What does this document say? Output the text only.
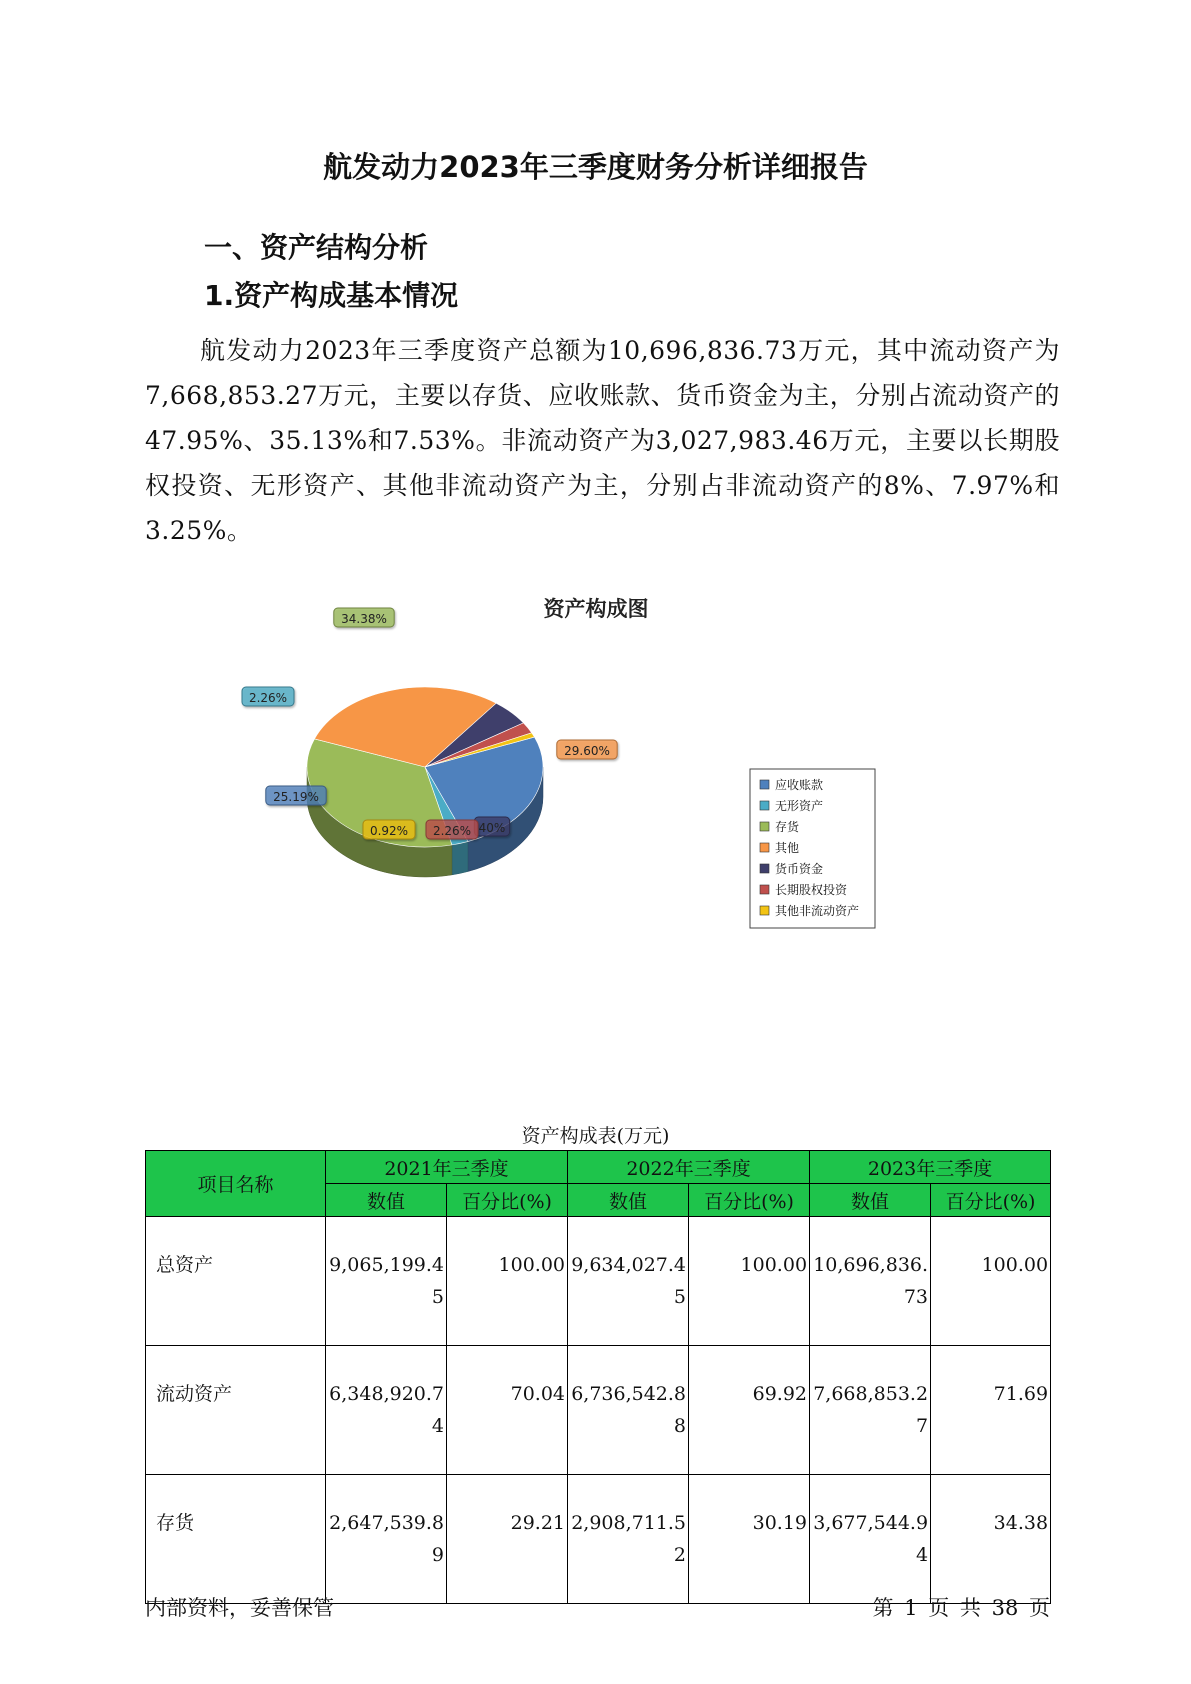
航发动力2023年三季度财务分析详细报告
一、资产结构分析
1.资产构成基本情况
航发动力2023年三季度资产总额为10,696,836.73万元，其中流动资产为7,668,853.27万元，主要以存货、应收账款、货币资金为主，分别占流动资产的47.95%、35.13%和7.53%。非流动资产为3,027,983.46万元，主要以长期股权投资、无形资产、其他非流动资产为主，分别占非流动资产的8%、7.97%和3.25%。
资产构成图
25.19%
2.26%
34.38%
29.60%
40%
2.26%
0.92%
应收账款
无形资产
存货
其他
货币资金
长期股权投资
其他非流动资产
资产构成表(万元)
项目名称	2021年三季度		2022年三季度		2023年三季度	
	数值	百分比(%)	数值	百分比(%)	数值	百分比(%)
总资产	9,065,199.45	100.00	9,634,027.45	100.00	10,696,836.73	100.00
流动资产	6,348,920.74	70.04	6,736,542.88	69.92	7,668,853.27	71.69
存货	2,647,539.89	29.21	2,908,711.52	30.19	3,677,544.94	34.38
内部资料，妥善保管	第 1 页 共 38 页
